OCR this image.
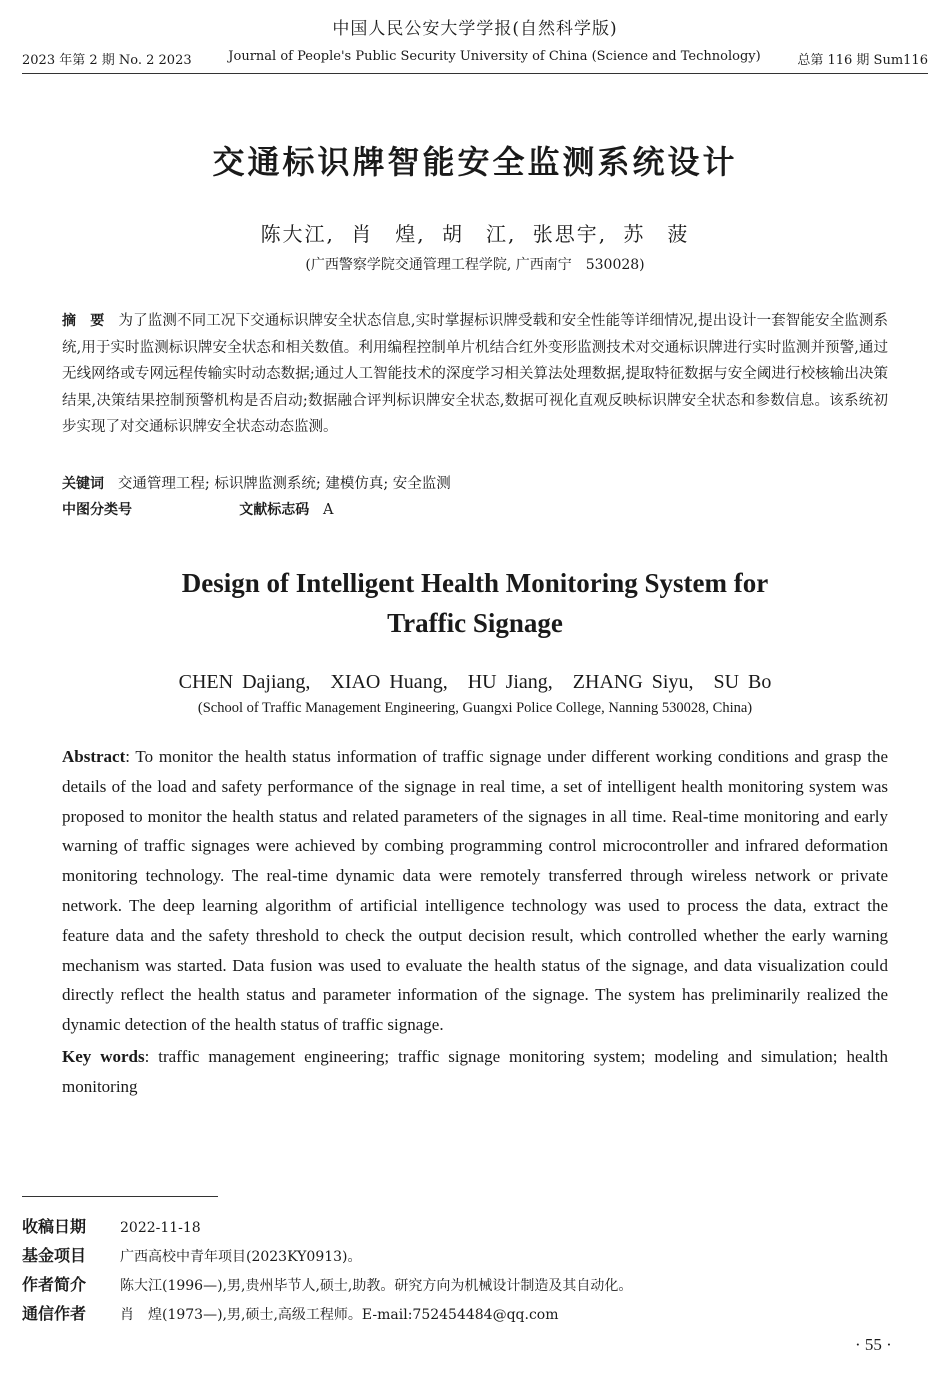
中国人民公安大学学报(自然科学版)
2023 年第 2 期 No. 2 2023	Journal of People's Public Security University of China (Science and Technology)	总第 116 期 Sum116
交通标识牌智能安全监测系统设计
陈大江, 肖　煌, 胡　江, 张思宇, 苏　菠
(广西警察学院交通管理工程学院, 广西南宁　530028)
摘　要 为了监测不同工况下交通标识牌安全状态信息,实时掌握标识牌受载和安全性能等详细情况,提出设计一套智能安全监测系统,用于实时监测标识牌安全状态和相关数值。利用编程控制单片机结合红外变形监测技术对交通标识牌进行实时监测并预警,通过无线网络或专网远程传输实时动态数据;通过人工智能技术的深度学习相关算法处理数据,提取特征数据与安全阈进行校核输出决策结果,决策结果控制预警机构是否启动;数据融合评判标识牌安全状态,数据可视化直观反映标识牌安全状态和参数信息。该系统初步实现了对交通标识牌安全状态动态监测。
关键词 交通管理工程; 标识牌监测系统; 建模仿真; 安全监测
中图分类号	文献标志码 A
Design of Intelligent Health Monitoring System for
Traffic Signage
CHEN Dajiang,　XIAO Huang,　HU Jiang,　ZHANG Siyu,　SU Bo
(School of Traffic Management Engineering, Guangxi Police College, Nanning 530028, China)
Abstract: To monitor the health status information of traffic signage under different working conditions and grasp the details of the load and safety performance of the signage in real time, a set of intelligent health monitoring system was proposed to monitor the health status and related parameters of the signages in all time. Real-time monitoring and early warning of traffic signages were achieved by combing programming control microcontroller and infrared deformation monitoring technology. The real-time dynamic data were remotely transferred through wireless network or private network. The deep learning algorithm of artificial intelligence technology was used to process the data, extract the feature data and the safety threshold to check the output decision result, which controlled whether the early warning mechanism was started. Data fusion was used to evaluate the health status of the signage, and data visualization could directly reflect the health status and parameter information of the signage. The system has preliminarily realized the dynamic detection of the health status of traffic signage.
Key words: traffic management engineering; traffic signage monitoring system; modeling and simulation; health monitoring
收稿日期	2022-11-18
基金项目	广西高校中青年项目(2023KY0913)。
作者简介	陈大江(1996—),男,贵州毕节人,硕士,助教。研究方向为机械设计制造及其自动化。
通信作者	肖　煌(1973—),男,硕士,高级工程师。E-mail:752454484@qq.com
· 55 ·
